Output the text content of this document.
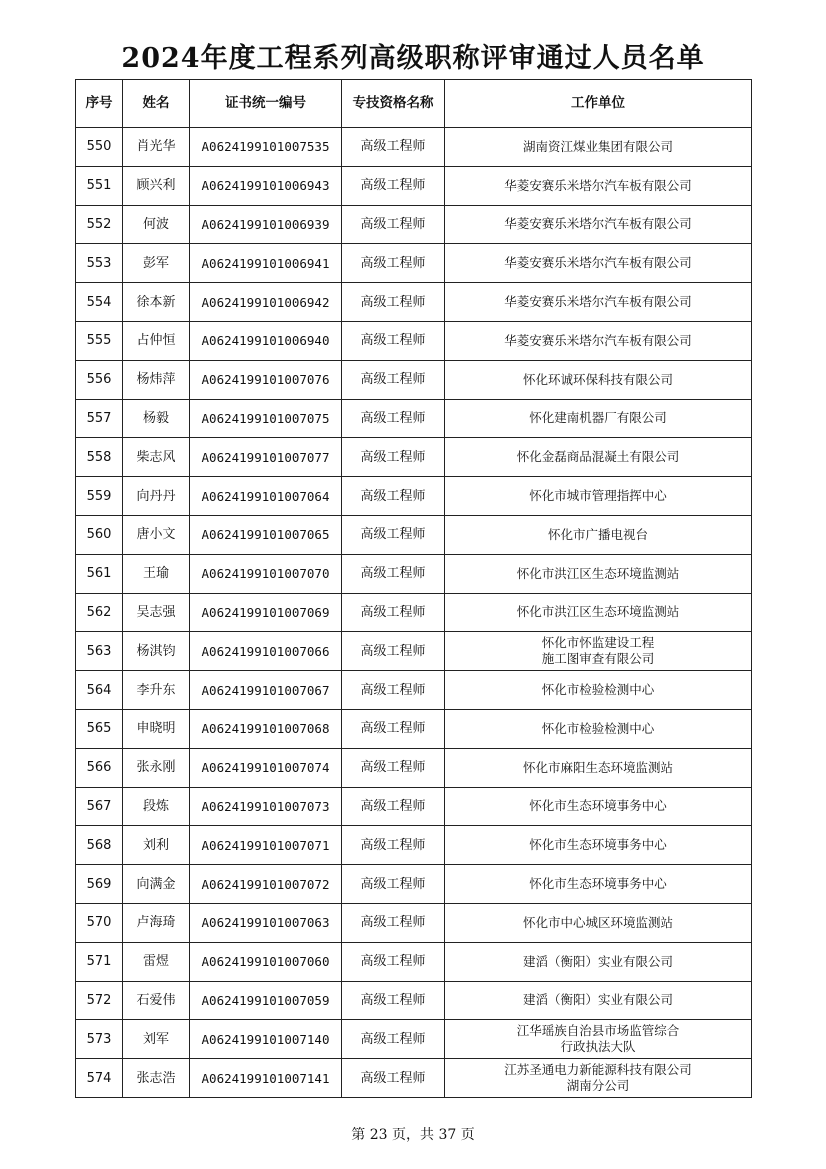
2024年度工程系列高级职称评审通过人员名单
序号	姓名	证书统一编号	专技资格名称	工作单位
550	肖光华	A0624199101007535	高级工程师	湖南资江煤业集团有限公司
551	顾兴利	A0624199101006943	高级工程师	华菱安赛乐米塔尔汽车板有限公司
552	何波	A0624199101006939	高级工程师	华菱安赛乐米塔尔汽车板有限公司
553	彭军	A0624199101006941	高级工程师	华菱安赛乐米塔尔汽车板有限公司
554	徐本新	A0624199101006942	高级工程师	华菱安赛乐米塔尔汽车板有限公司
555	占仲恒	A0624199101006940	高级工程师	华菱安赛乐米塔尔汽车板有限公司
556	杨炜萍	A0624199101007076	高级工程师	怀化环诚环保科技有限公司
557	杨毅	A0624199101007075	高级工程师	怀化建南机器厂有限公司
558	柴志风	A0624199101007077	高级工程师	怀化金磊商品混凝土有限公司
559	向丹丹	A0624199101007064	高级工程师	怀化市城市管理指挥中心
560	唐小文	A0624199101007065	高级工程师	怀化市广播电视台
561	王瑜	A0624199101007070	高级工程师	怀化市洪江区生态环境监测站
562	吴志强	A0624199101007069	高级工程师	怀化市洪江区生态环境监测站
563	杨淇钧	A0624199101007066	高级工程师	怀化市怀监建设工程
施工图审查有限公司
564	李升东	A0624199101007067	高级工程师	怀化市检验检测中心
565	申晓明	A0624199101007068	高级工程师	怀化市检验检测中心
566	张永刚	A0624199101007074	高级工程师	怀化市麻阳生态环境监测站
567	段炼	A0624199101007073	高级工程师	怀化市生态环境事务中心
568	刘利	A0624199101007071	高级工程师	怀化市生态环境事务中心
569	向满金	A0624199101007072	高级工程师	怀化市生态环境事务中心
570	卢海琦	A0624199101007063	高级工程师	怀化市中心城区环境监测站
571	雷煜	A0624199101007060	高级工程师	建滔（衡阳）实业有限公司
572	石爱伟	A0624199101007059	高级工程师	建滔（衡阳）实业有限公司
573	刘军	A0624199101007140	高级工程师	江华瑶族自治县市场监管综合
行政执法大队
574	张志浩	A0624199101007141	高级工程师	江苏圣通电力新能源科技有限公司
湖南分公司
第 23 页，共 37 页
